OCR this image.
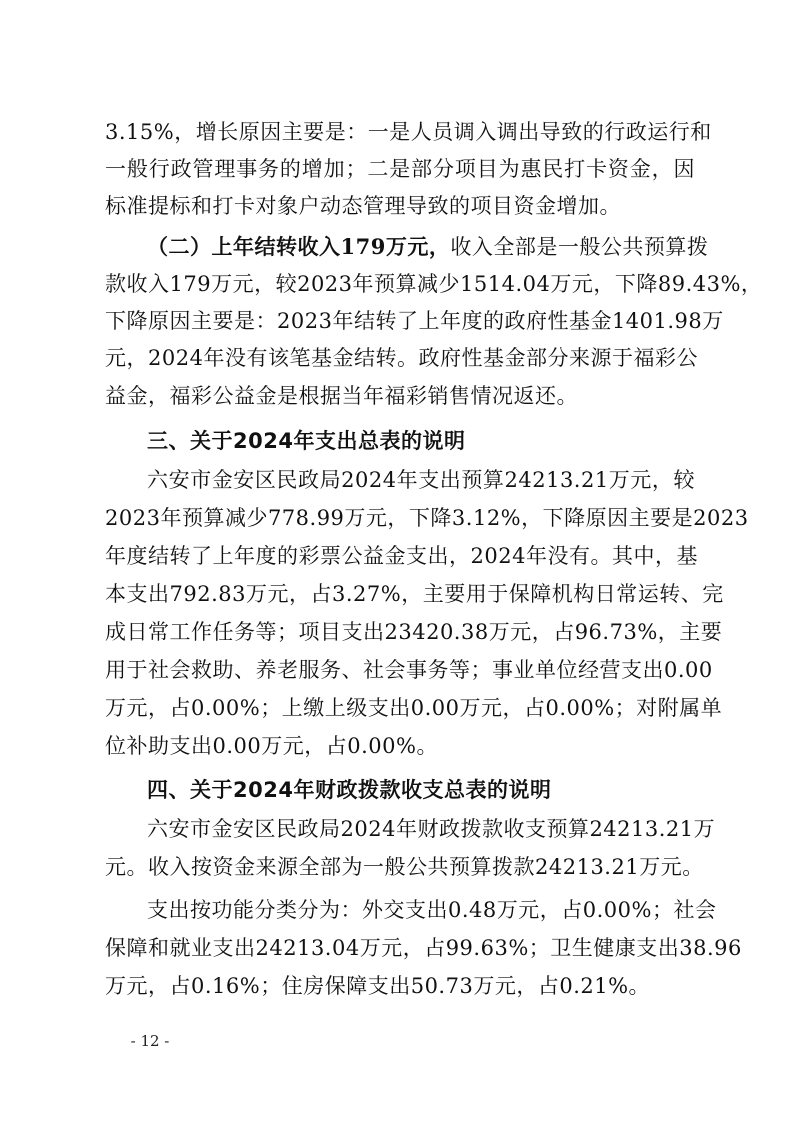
3.15%，增长原因主要是：一是人员调入调出导致的行政运行和
一般行政管理事务的增加；二是部分项目为惠民打卡资金，因
标准提标和打卡对象户动态管理导致的项目资金增加。
（二）上年结转收入179万元，收入全部是一般公共预算拨
款收入179万元，较2023年预算减少1514.04万元，下降89.43%，
下降原因主要是：2023年结转了上年度的政府性基金1401.98万
元，2024年没有该笔基金结转。政府性基金部分来源于福彩公
益金，福彩公益金是根据当年福彩销售情况返还。
三、关于2024年支出总表的说明
六安市金安区民政局2024年支出预算24213.21万元，较
2023年预算减少778.99万元，下降3.12%，下降原因主要是2023
年度结转了上年度的彩票公益金支出，2024年没有。其中，基
本支出792.83万元，占3.27%，主要用于保障机构日常运转、完
成日常工作任务等；项目支出23420.38万元，占96.73%，主要
用于社会救助、养老服务、社会事务等；事业单位经营支出0.00
万元，占0.00%；上缴上级支出0.00万元，占0.00%；对附属单
位补助支出0.00万元，占0.00%。
四、关于2024年财政拨款收支总表的说明
六安市金安区民政局2024年财政拨款收支预算24213.21万
元。收入按资金来源全部为一般公共预算拨款24213.21万元。
支出按功能分类分为：外交支出0.48万元，占0.00%；社会
保障和就业支出24213.04万元，占99.63%；卫生健康支出38.96
万元，占0.16%；住房保障支出50.73万元，占0.21%。
- 12 -
